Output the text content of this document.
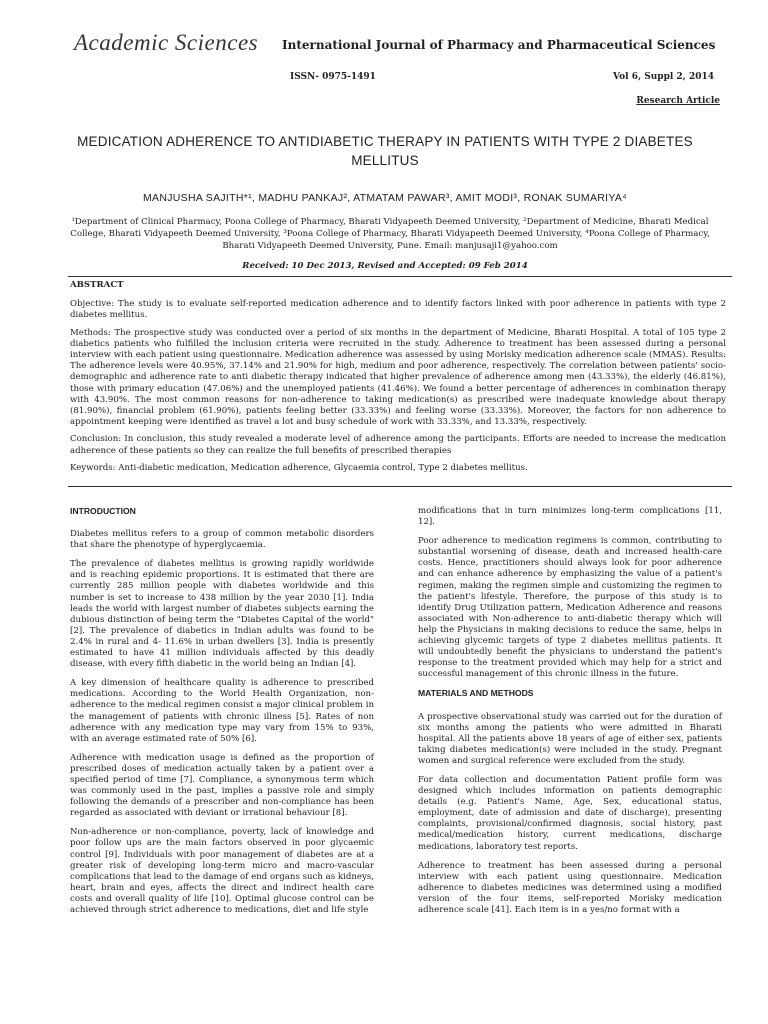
Academic Sciences International Journal of Pharmacy and Pharmaceutical Sciences
ISSN- 0975-1491	Vol 6, Suppl 2, 2014
Research Article
MEDICATION ADHERENCE TO ANTIDIABETIC THERAPY IN PATIENTS WITH TYPE 2 DIABETES MELLITUS
MANJUSHA SAJITH*¹, MADHU PANKAJ², ATMATAM PAWAR³, AMIT MODI³, RONAK SUMARIYA⁴
¹Department of Clinical Pharmacy, Poona College of Pharmacy, Bharati Vidyapeeth Deemed University, ²Department of Medicine, Bharati Medical College, Bharati Vidyapeeth Deemed University, ³Poona College of Pharmacy, Bharati Vidyapeeth Deemed University, ⁴Poona College of Pharmacy, Bharati Vidyapeeth Deemed University, Pune. Email: manjusaji1@yahoo.com
Received: 10 Dec 2013, Revised and Accepted: 09 Feb 2014
ABSTRACT

Objective: The study is to evaluate self-reported medication adherence and to identify factors linked with poor adherence in patients with type 2 diabetes mellitus.

Methods: The prospective study was conducted over a period of six months in the department of Medicine, Bharati Hospital. A total of 105 type 2 diabetics patients who fulfilled the inclusion criteria were recruited in the study. Adherence to treatment has been assessed during a personal interview with each patient using questionnaire. Medication adherence was assessed by using Morisky medication adherence scale (MMAS). Results: The adherence levels were 40.95%, 37.14% and 21.90% for high, medium and poor adherence, respectively. The correlation between patients' socio-demographic and adherence rate to anti diabetic therapy indicated that higher prevalence of adherence among men (43.33%), the elderly (46.81%), those with primary education (47.06%) and the unemployed patients (41.46%). We found a better percentage of adherences in combination therapy with 43.90%. The most common reasons for non-adherence to taking medication(s) as prescribed were inadequate knowledge about therapy (81.90%), financial problem (61.90%), patients feeling better (33.33%) and feeling worse (33.33%). Moreover, the factors for non adherence to appointment keeping were identified as travel a lot and busy schedule of work with 33.33%, and 13.33%, respectively.

Conclusion: In conclusion, this study revealed a moderate level of adherence among the participants. Efforts are needed to increase the medication adherence of these patients so they can realize the full benefits of prescribed therapies

Keywords: Anti-diabetic medication, Medication adherence, Glycaemia control, Type 2 diabetes mellitus.

INTRODUCTION

Diabetes mellitus refers to a group of common metabolic disorders that share the phenotype of hyperglycaemia.

The prevalence of diabetes mellitus is growing rapidly worldwide and is reaching epidemic proportions. It is estimated that there are currently 285 million people with diabetes worldwide and this number is set to increase to 438 million by the year 2030 [1]. India leads the world with largest number of diabetes subjects earning the dubious distinction of being term the "Diabetes Capital of the world" [2]. The prevalence of diabetics in Indian adults was found to be 2.4% in rural and 4- 11.6% in urban dwellers [3]. India is presently estimated to have 41 million individuals affected by this deadly disease, with every fifth diabetic in the world being an Indian [4].

A key dimension of healthcare quality is adherence to prescribed medications. According to the World Health Organization, non-adherence to the medical regimen consist a major clinical problem in the management of patients with chronic illness [5]. Rates of non adherence with any medication type may vary from 15% to 93%, with an average estimated rate of 50% [6].

Adherence with medication usage is defined as the proportion of prescribed doses of medication actually taken by a patient over a specified period of time [7]. Compliance, a synonymous term which was commonly used in the past, implies a passive role and simply following the demands of a prescriber and non-compliance has been regarded as associated with deviant or irrational behaviour [8].

Non-adherence or non-compliance, poverty, lack of knowledge and poor follow ups are the main factors observed in poor glycaemic control [9]. Individuals with poor management of diabetes are at a greater risk of developing long-term micro and macro-vascular complications that lead to the damage of end organs such as kidneys, heart, brain and eyes, affects the direct and indirect health care costs and overall quality of life [10]. Optimal glucose control can be achieved through strict adherence to medications, diet and life style

modifications that in turn minimizes long-term complications [11, 12].

Poor adherence to medication regimens is common, contributing to substantial worsening of disease, death and increased health-care costs. Hence, practitioners should always look for poor adherence and can enhance adherence by emphasizing the value of a patient's regimen, making the regimen simple and customizing the regimen to the patient's lifestyle. Therefore, the purpose of this study is to identify Drug Utilization pattern, Medication Adherence and reasons associated with Non-adherence to anti-diabetic therapy which will help the Physicians in making decisions to reduce the same, helps in achieving glycemic targets of type 2 diabetes mellitus patients. It will undoubtedly benefit the physicians to understand the patient's response to the treatment provided which may help for a strict and successful management of this chronic illness in the future.

MATERIALS AND METHODS

A prospective observational study was carried out for the duration of six months among the patients who were admitted in Bharati hospital. All the patients above 18 years of age of either sex, patients taking diabetes medication(s) were included in the study. Pregnant women and surgical reference were excluded from the study.

For data collection and documentation Patient profile form was designed which includes information on patients demographic details (e.g. Patient's Name, Age, Sex, educational status, employment, date of admission and date of discharge), presenting complaints, provisional/confirmed diagnosis, social history, past medical/medication history, current medications, discharge medications, laboratory test reports.

Adherence to treatment has been assessed during a personal interview with each patient using questionnaire. Medication adherence to diabetes medicines was determined using a modified version of the four items, self-reported Morisky medication adherence scale [41]. Each item is in a yes/no format with a
